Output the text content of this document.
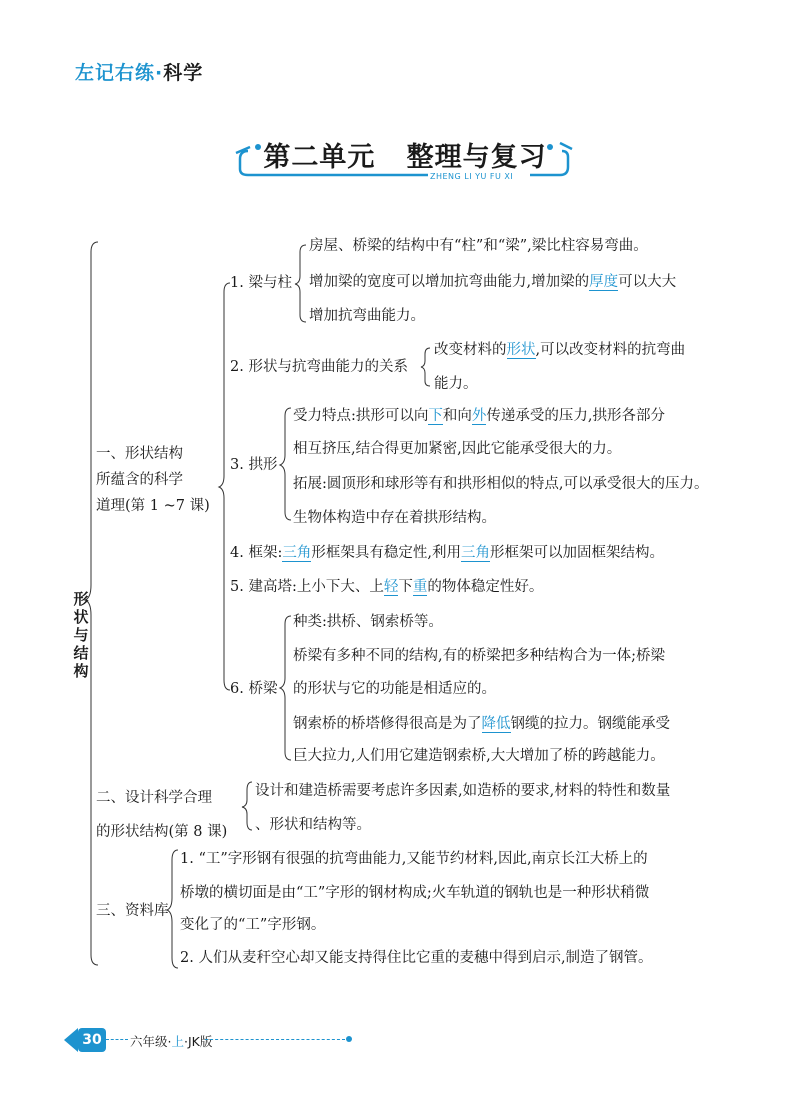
左记右练·科学
第二单元   整理与复习
ZHENG LI YU FU XI
形状与结构
一、形状结构
所蕴含的科学
道理(第 1 ~7 课)
1. 梁与柱
房屋、桥梁的结构中有“柱”和“梁”,梁比柱容易弯曲。
增加梁的宽度可以增加抗弯曲能力,增加梁的厚度可以大大
增加抗弯曲能力。
2. 形状与抗弯曲能力的关系
改变材料的形状,可以改变材料的抗弯曲
能力。
3. 拱形
受力特点:拱形可以向下和向外传递承受的压力,拱形各部分
相互挤压,结合得更加紧密,因此它能承受很大的力。
拓展:圆顶形和球形等有和拱形相似的特点,可以承受很大的压力。
生物体构造中存在着拱形结构。
4. 框架:三角形框架具有稳定性,利用三角形框架可以加固框架结构。
5. 建高塔:上小下大、上轻下重的物体稳定性好。
6. 桥梁
种类:拱桥、钢索桥等。
桥梁有多种不同的结构,有的桥梁把多种结构合为一体;桥梁
的形状与它的功能是相适应的。
钢索桥的桥塔修得很高是为了降低钢缆的拉力。钢缆能承受
巨大拉力,人们用它建造钢索桥,大大增加了桥的跨越能力。
二、设计科学合理
的形状结构(第 8 课)
设计和建造桥需要考虑许多因素,如造桥的要求,材料的特性和数量
、形状和结构等。
三、资料库
1. “工”字形钢有很强的抗弯曲能力,又能节约材料,因此,南京长江大桥上的
桥墩的横切面是由“工”字形的钢材构成;火车轨道的钢轨也是一种形状稍微
变化了的“工”字形钢。
2. 人们从麦秆空心却又能支持得住比它重的麦穗中得到启示,制造了钢管。
30	六年级·上·JK版
